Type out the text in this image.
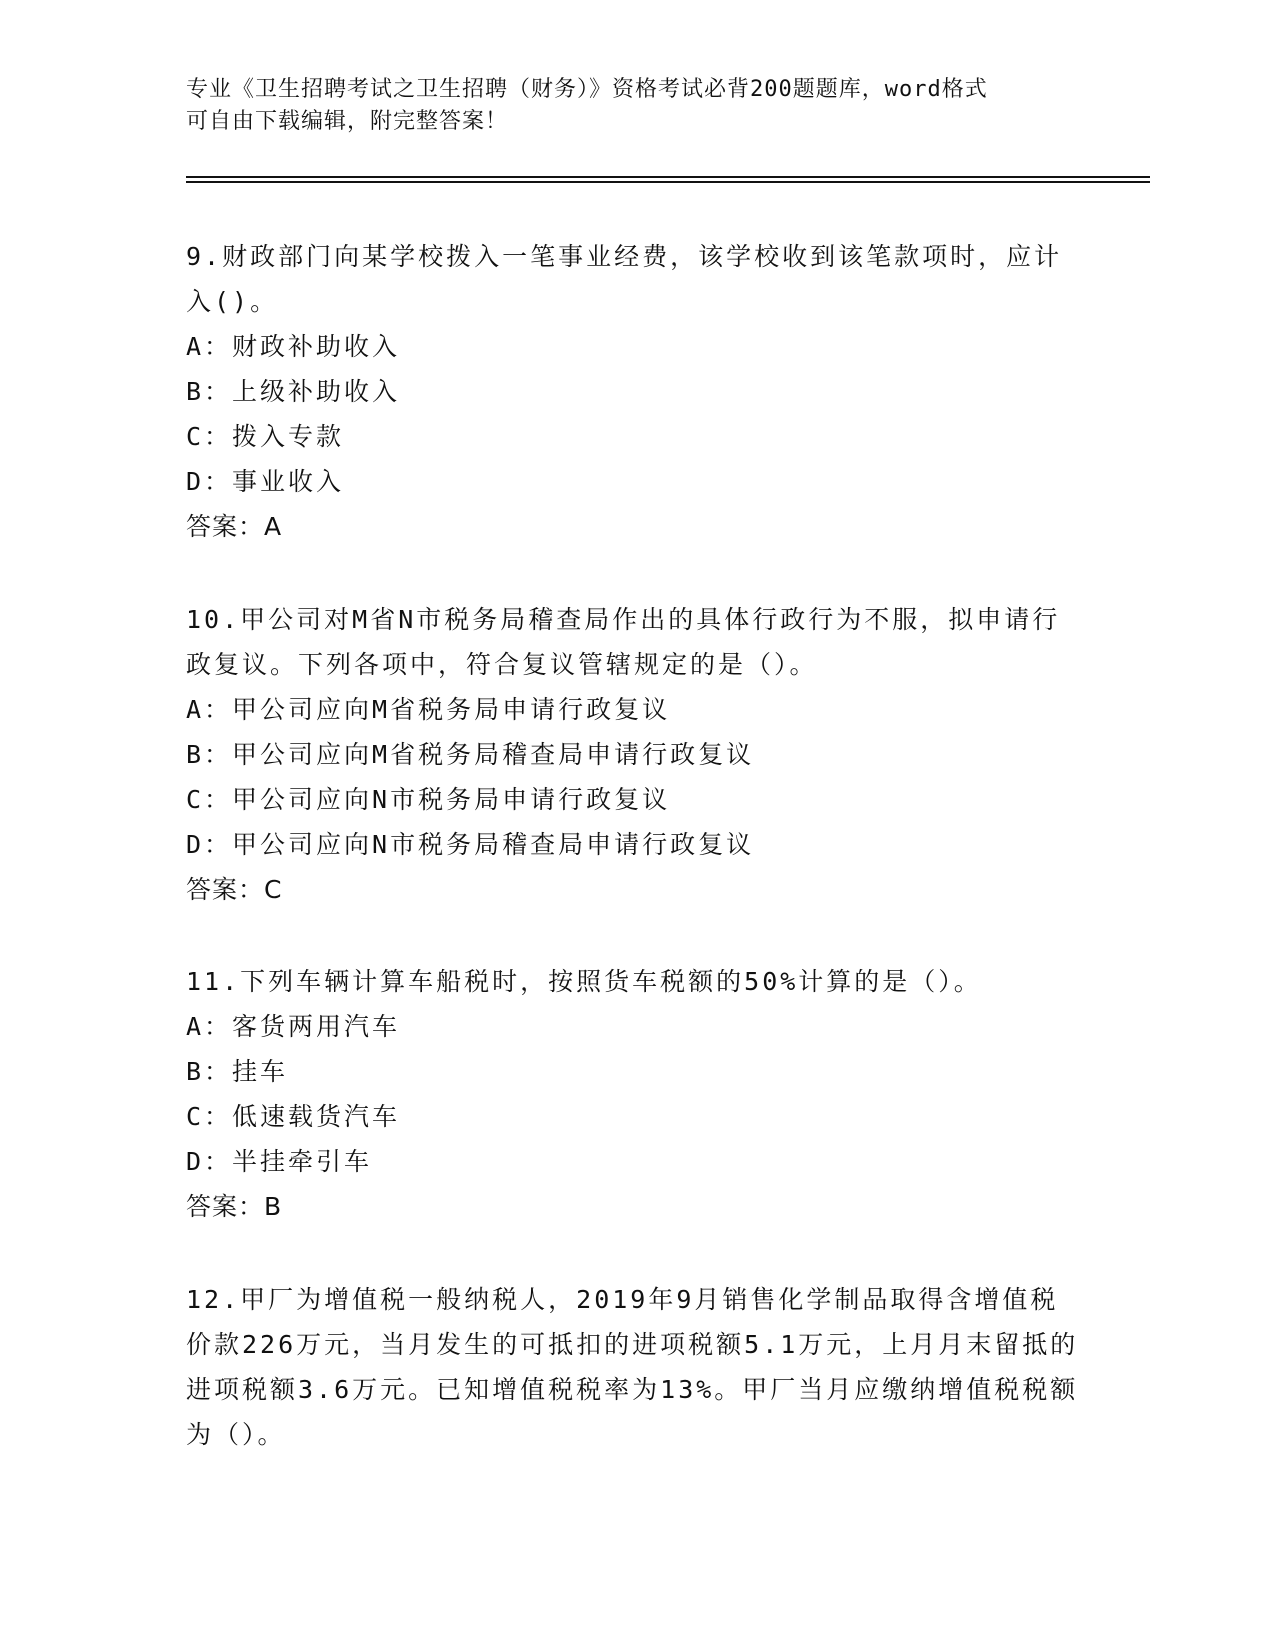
专业《卫生招聘考试之卫生招聘（财务）》资格考试必背200题题库，word格式
可自由下载编辑，附完整答案！
9.财政部门向某学校拨入一笔事业经费，该学校收到该笔款项时，应计入()。
A：财政补助收入
B：上级补助收入
C：拨入专款
D：事业收入
答案：A
10.甲公司对M省N市税务局稽查局作出的具体行政行为不服，拟申请行政复议。下列各项中，符合复议管辖规定的是（）。
A：甲公司应向M省税务局申请行政复议
B：甲公司应向M省税务局稽查局申请行政复议
C：甲公司应向N市税务局申请行政复议
D：甲公司应向N市税务局稽查局申请行政复议
答案：C
11.下列车辆计算车船税时，按照货车税额的50%计算的是（）。
A：客货两用汽车
B：挂车
C：低速载货汽车
D：半挂牵引车
答案：B
12.甲厂为增值税一般纳税人，2019年9月销售化学制品取得含增值税价款226万元，当月发生的可抵扣的进项税额5.1万元，上月月末留抵的进项税额3.6万元。已知增值税税率为13%。甲厂当月应缴纳增值税税额为（）。
